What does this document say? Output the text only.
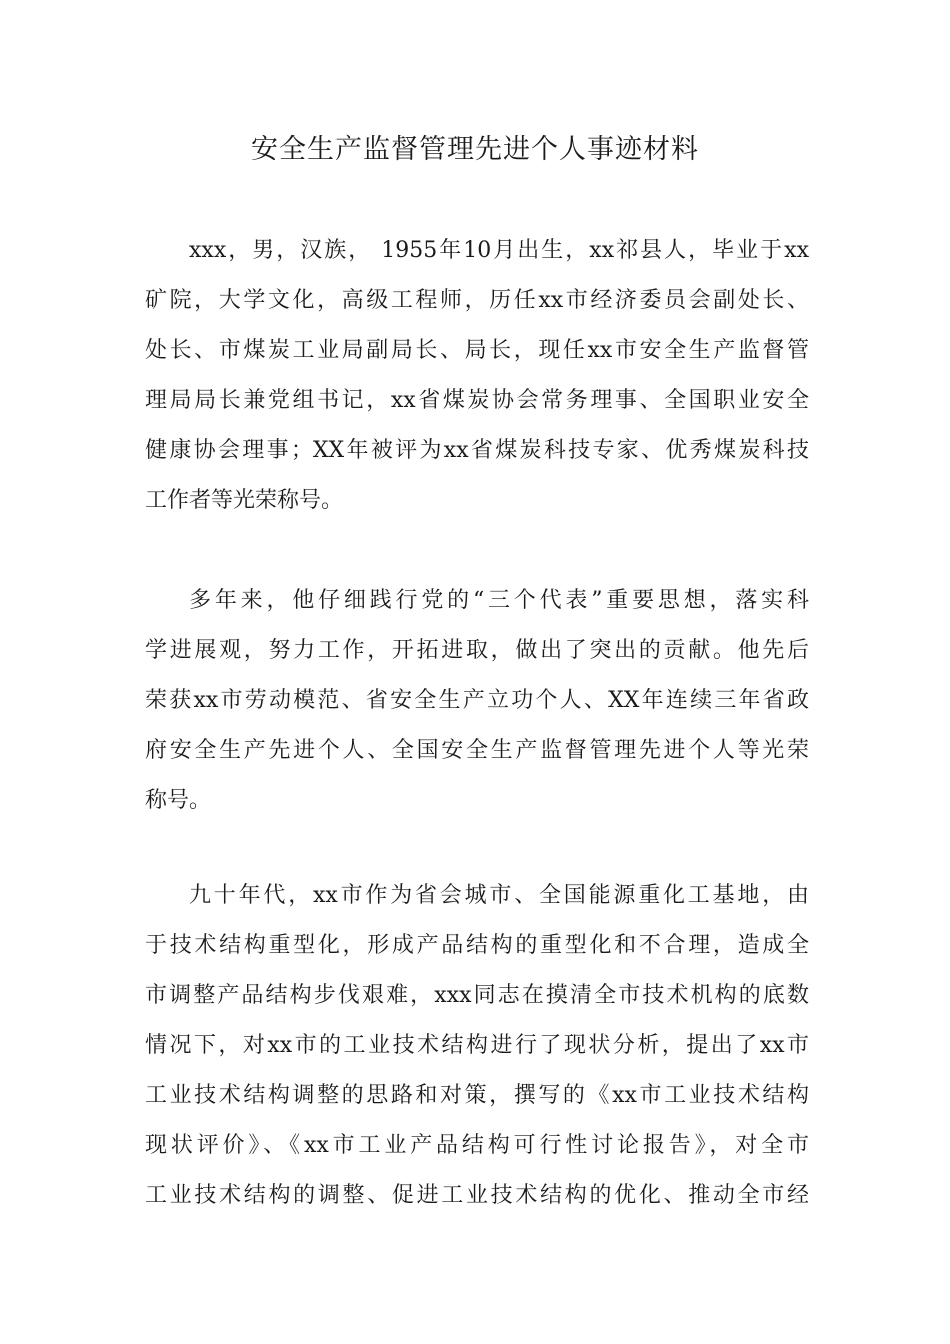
安全生产监督管理先进个人事迹材料
xxx，男，汉族， 1955年10月出生，xx祁县人，毕业于xx
矿院，大学文化，高级工程师，历任xx市经济委员会副处长、
处长、市煤炭工业局副局长、局长，现任xx市安全生产监督管
理局局长兼党组书记，xx省煤炭协会常务理事、全国职业安全
健康协会理事；XX年被评为xx省煤炭科技专家、优秀煤炭科技
工作者等光荣称号。
多年来，他仔细践行党的“三个代表”重要思想，落实科
学进展观，努力工作，开拓进取，做出了突出的贡献。他先后
荣获xx市劳动模范、省安全生产立功个人、XX年连续三年省政
府安全生产先进个人、全国安全生产监督管理先进个人等光荣
称号。
九十年代，xx市作为省会城市、全国能源重化工基地，由
于技术结构重型化，形成产品结构的重型化和不合理，造成全
市调整产品结构步伐艰难，xxx同志在摸清全市技术机构的底数
情况下，对xx市的工业技术结构进行了现状分析，提出了xx市
工业技术结构调整的思路和对策，撰写的《xx市工业技术结构
现状评价》、《xx市工业产品结构可行性讨论报告》，对全市
工业技术结构的调整、促进工业技术结构的优化、推动全市经
